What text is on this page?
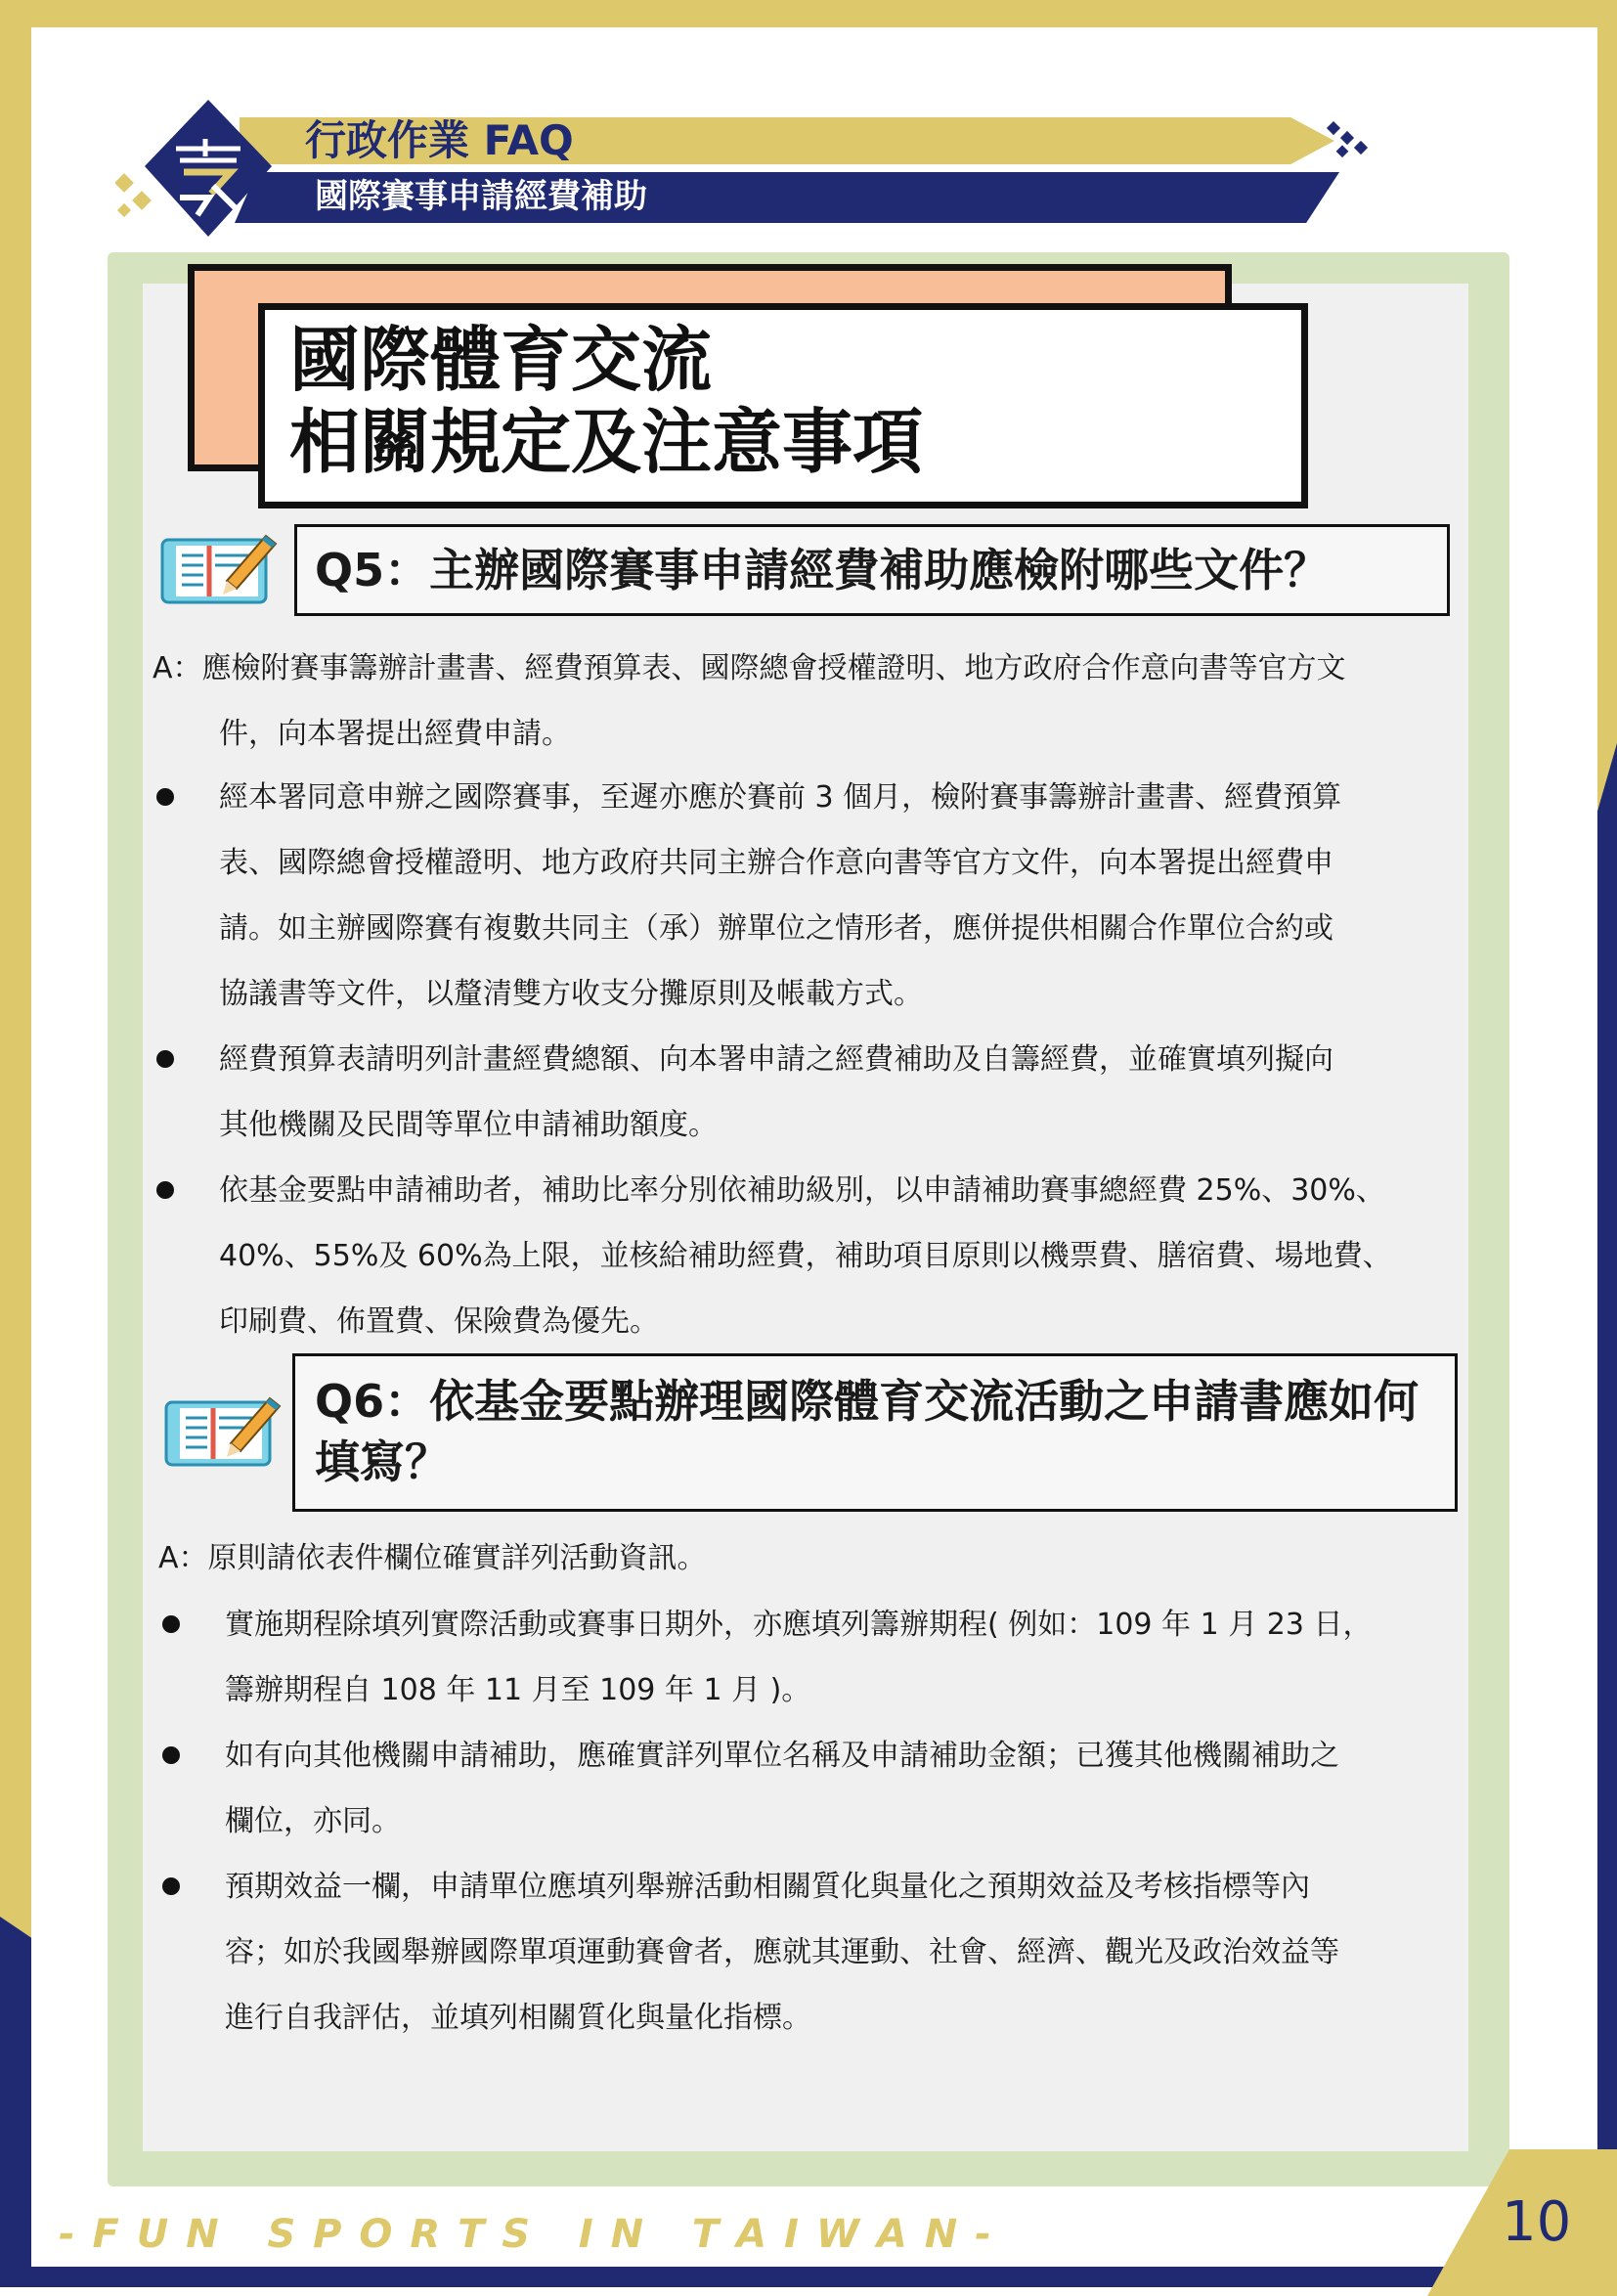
行政作業 FAQ
國際賽事申請經費補助
國際體育交流
相關規定及注意事項
Q5：主辦國際賽事申請經費補助應檢附哪些文件？
A：應檢附賽事籌辦計畫書、經費預算表、國際總會授權證明、地方政府合作意向書等官方文
件，向本署提出經費申請。
經本署同意申辦之國際賽事，至遲亦應於賽前 3 個月，檢附賽事籌辦計畫書、經費預算
表、國際總會授權證明、地方政府共同主辦合作意向書等官方文件，向本署提出經費申
請。如主辦國際賽有複數共同主（承）辦單位之情形者，應併提供相關合作單位合約或
協議書等文件，以釐清雙方收支分攤原則及帳載方式。
經費預算表請明列計畫經費總額、向本署申請之經費補助及自籌經費，並確實填列擬向
其他機關及民間等單位申請補助額度。
依基金要點申請補助者，補助比率分別依補助級別，以申請補助賽事總經費 25%、30%、
40%、55%及 60%為上限，並核給補助經費，補助項目原則以機票費、膳宿費、場地費、
印刷費、佈置費、保險費為優先。
Q6：依基金要點辦理國際體育交流活動之申請書應如何填寫？
A：原則請依表件欄位確實詳列活動資訊。
實施期程除填列實際活動或賽事日期外，亦應填列籌辦期程( 例如：109 年 1 月 23 日，
籌辦期程自 108 年 11 月至 109 年 1 月 )。
如有向其他機關申請補助，應確實詳列單位名稱及申請補助金額；已獲其他機關補助之
欄位，亦同。
預期效益一欄，申請單位應填列舉辦活動相關質化與量化之預期效益及考核指標等內
容；如於我國舉辦國際單項運動賽會者，應就其運動、社會、經濟、觀光及政治效益等
進行自我評估，並填列相關質化與量化指標。
- F U N   S P O R T S   I N   T A I W A N -	10
